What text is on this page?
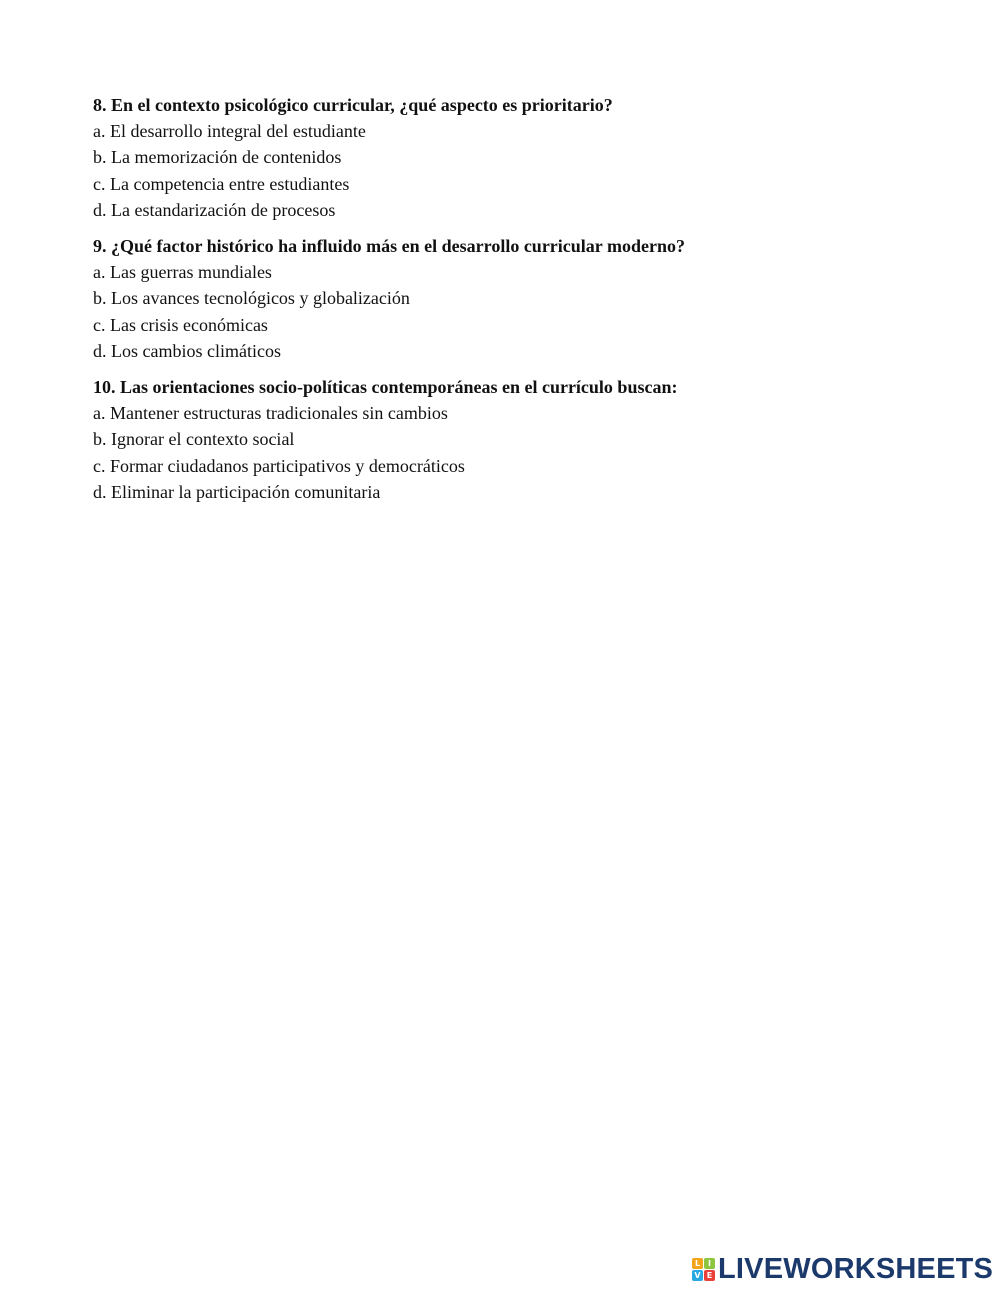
8. En el contexto psicológico curricular, ¿qué aspecto es prioritario?

a. El desarrollo integral del estudiante

b. La memorización de contenidos

c. La competencia entre estudiantes

d. La estandarización de procesos

9. ¿Qué factor histórico ha influido más en el desarrollo curricular moderno?

a. Las guerras mundiales

b. Los avances tecnológicos y globalización

c. Las crisis económicas

d. Los cambios climáticos

10. Las orientaciones socio-políticas contemporáneas en el currículo buscan:

a. Mantener estructuras tradicionales sin cambios

b. Ignorar el contexto social

c. Formar ciudadanos participativos y democráticos

d. Eliminar la participación comunitaria

L I
V E LIVEWORKSHEETS
